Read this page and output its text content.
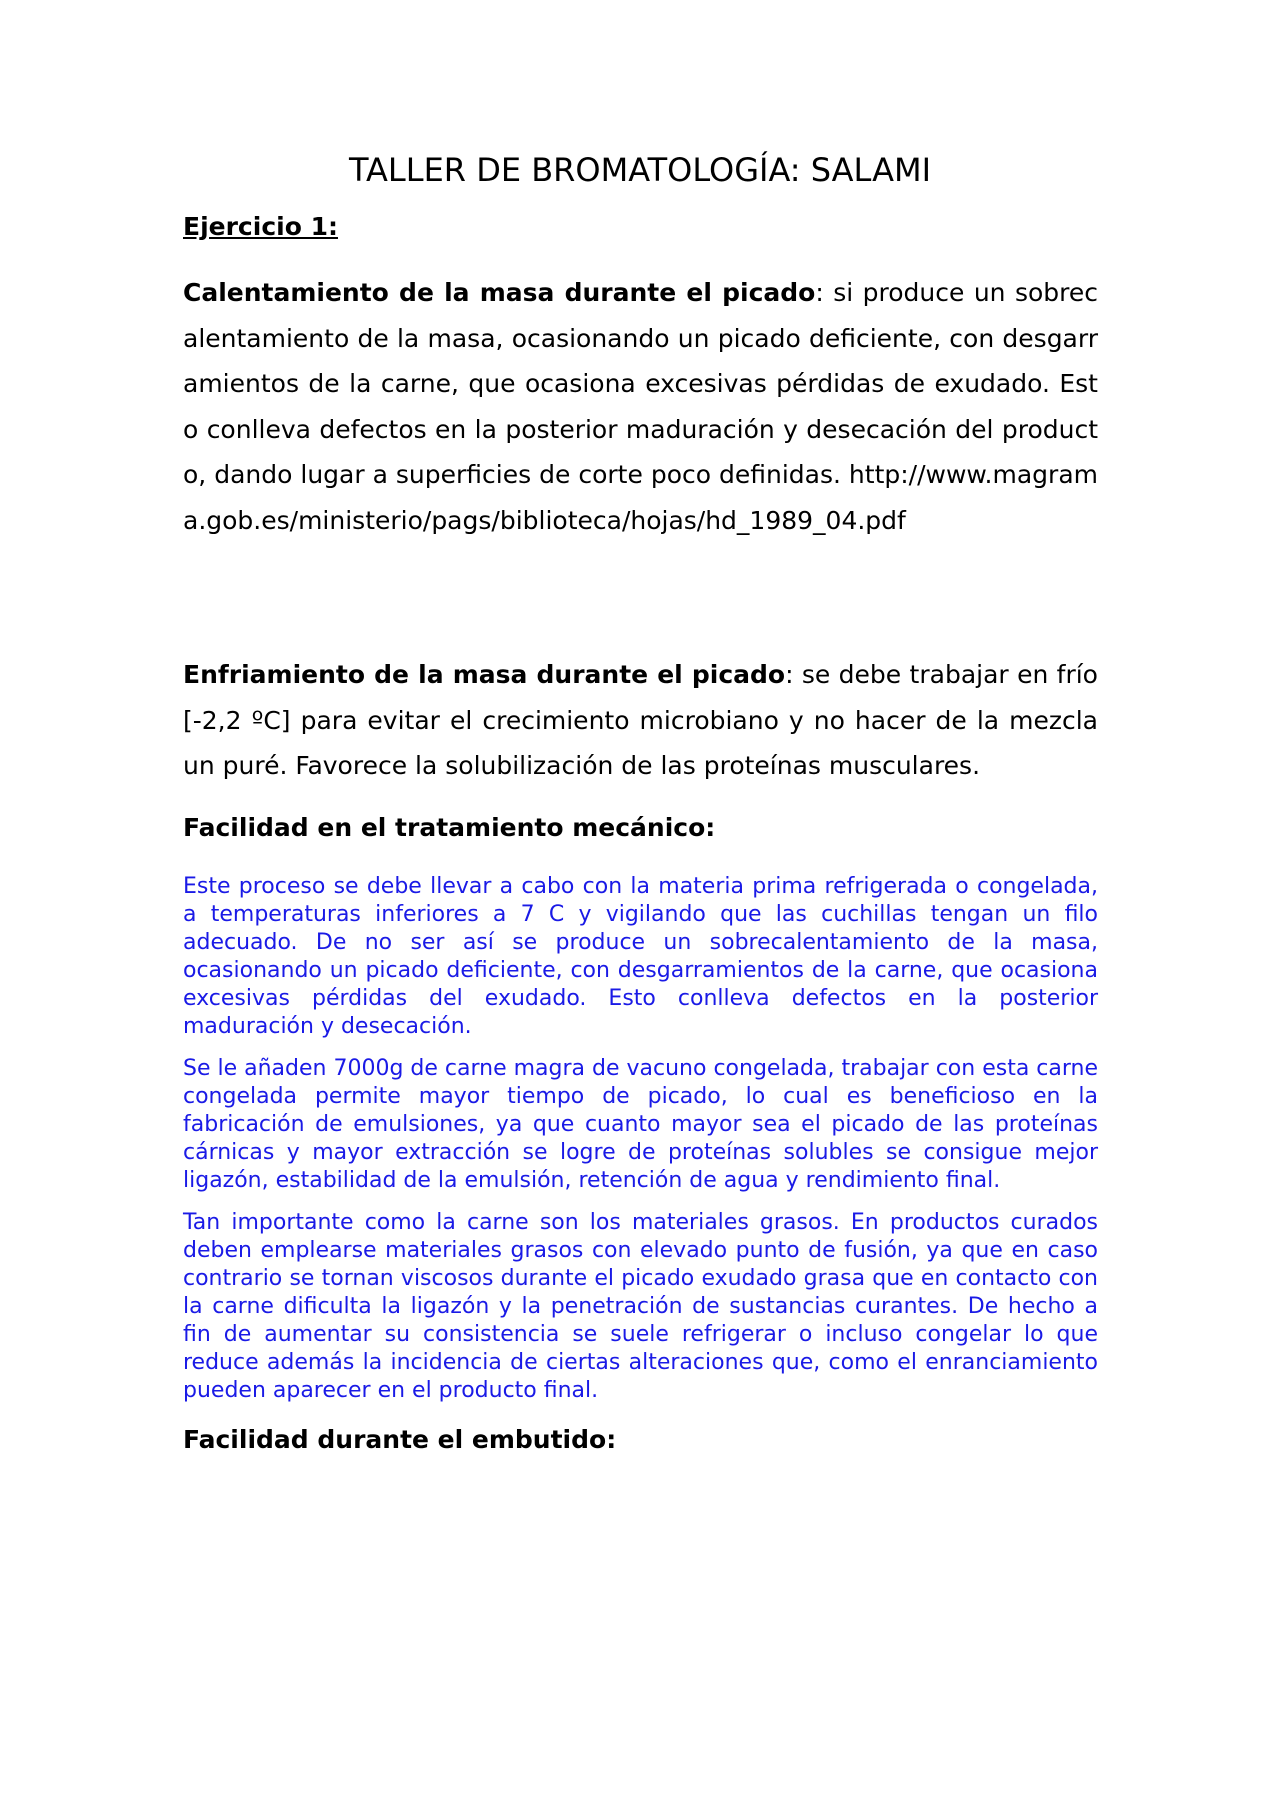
TALLER DE BROMATOLOGÍA: SALAMI

Ejercicio 1:

Calentamiento de la masa durante el picado: si produce un sobrecalentamiento de la masa, ocasionando un picado deficiente, con desgarramientos de la carne, que ocasiona excesivas pérdidas de exudado. Esto conlleva defectos en la posterior maduración y desecación del producto, dando lugar a superficies de corte poco definidas. http://www.magrama.gob.es/ministerio/pags/biblioteca/hojas/hd_1989_04.pdf

Enfriamiento de la masa durante el picado: se debe trabajar en frío [-2,2 ºC] para evitar el crecimiento microbiano y no hacer de la mezcla un puré. Favorece la solubilización de las proteínas musculares.

Facilidad en el tratamiento mecánico:

Este proceso se debe llevar a cabo con la materia prima refrigerada o congelada, a temperaturas inferiores a 7 C y vigilando que las cuchillas tengan un filo adecuado. De no ser así se produce un sobrecalentamiento de la masa, ocasionando un picado deficiente, con desgarramientos de la carne, que ocasiona excesivas pérdidas del exudado. Esto conlleva defectos en la posterior maduración y desecación.

Se le añaden 7000g de carne magra de vacuno congelada, trabajar con esta carne congelada permite mayor tiempo de picado, lo cual es beneficioso en la fabricación de emulsiones, ya que cuanto mayor sea el picado de las proteínas cárnicas y mayor extracción se logre de proteínas solubles se consigue mejor ligazón, estabilidad de la emulsión, retención de agua y rendimiento final.

Tan importante como la carne son los materiales grasos. En productos curados deben emplearse materiales grasos con elevado punto de fusión, ya que en caso contrario se tornan viscosos durante el picado exudado grasa que en contacto con la carne dificulta la ligazón y la penetración de sustancias curantes. De hecho a fin de aumentar su consistencia se suele refrigerar o incluso congelar lo que reduce además la incidencia de ciertas alteraciones que, como el enranciamiento pueden aparecer en el producto final.

Facilidad durante el embutido:
